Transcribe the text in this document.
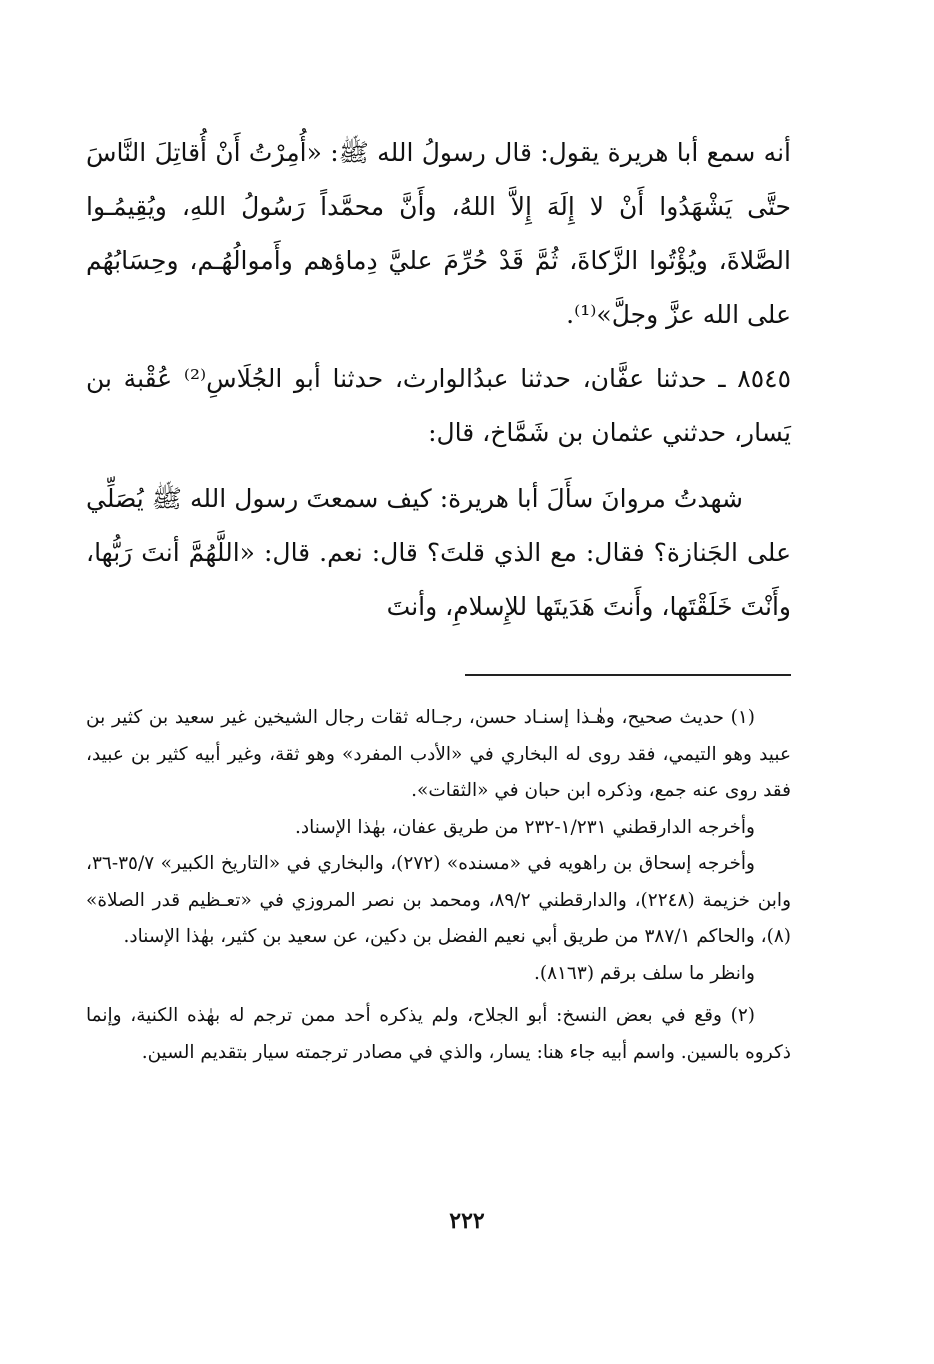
أنه سمع أبا هريرة يقول: قال رسولُ الله ﷺ: «أُمِرْتُ أَنْ أُقاتِلَ النَّاسَ حتَّى يَشْهَدُوا أَنْ لا إِلَهَ إِلاَّ اللهُ، وأَنَّ محمَّداً رَسُولُ اللهِ، ويُقِيمُـوا الصَّلاةَ، ويُؤْتُوا الزَّكاةَ، ثُمَّ قَدْ حُرِّمَ عليَّ دِماؤهم وأَموالُهُـم، وحِسَابُهُم على الله عزَّ وجلَّ»⁽¹⁾.

٨٥٤٥ ـ حدثنا عفَّان، حدثنا عبدُالوارث، حدثنا أبو الجُلَاسِ⁽²⁾ عُقْبة بن يَسار، حدثني عثمان بن شَمَّاخ، قال:

شهدتُ مروانَ سأَلَ أبا هريرة: كيف سمعتَ رسول الله ﷺ يُصَلِّي على الجَنازة؟ فقال: مع الذي قلتَ؟ قال: نعم. قال: «اللَّهُمَّ أنتَ رَبُّها، وأَنْتَ خَلَقْتَها، وأَنتَ هَدَيتَها للإِسلامِ، وأنتَ

(١) حديث صحيح، وهٰـذا إسنـاد حسن، رجـاله ثقات رجال الشيخين غير سعيد بن كثير بن عبيد وهو التيمي، فقد روى له البخاري في «الأدب المفرد» وهو ثقة، وغير أبيه كثير بن عبيد، فقد روى عنه جمع، وذكره ابن حبان في «الثقات».

وأخرجه الدارقطني ١/٢٣١-٢٣٢ من طريق عفان، بهٰذا الإسناد.

وأخرجه إسحاق بن راهويه في «مسنده» (٢٧٢)، والبخاري في «التاريخ الكبير» ٣٥/٧-٣٦، وابن خزيمة (٢٢٤٨)، والدارقطني ٨٩/٢، ومحمد بن نصر المروزي في «تعـظيم قدر الصلاة» (٨)، والحاكم ٣٨٧/١ من طريق أبي نعيم الفضل بن دكين، عن سعيد بن كثير، بهٰذا الإسناد.

وانظر ما سلف برقم (٨١٦٣).

(٢) وقع في بعض النسخ: أبو الجلاح، ولم يذكره أحد ممن ترجم له بهٰذه الكنية، وإنما ذكروه بالسين. واسم أبيه جاء هنا: يسار، والذي في مصادر ترجمته سيار بتقديم السين.

٢٢٢
